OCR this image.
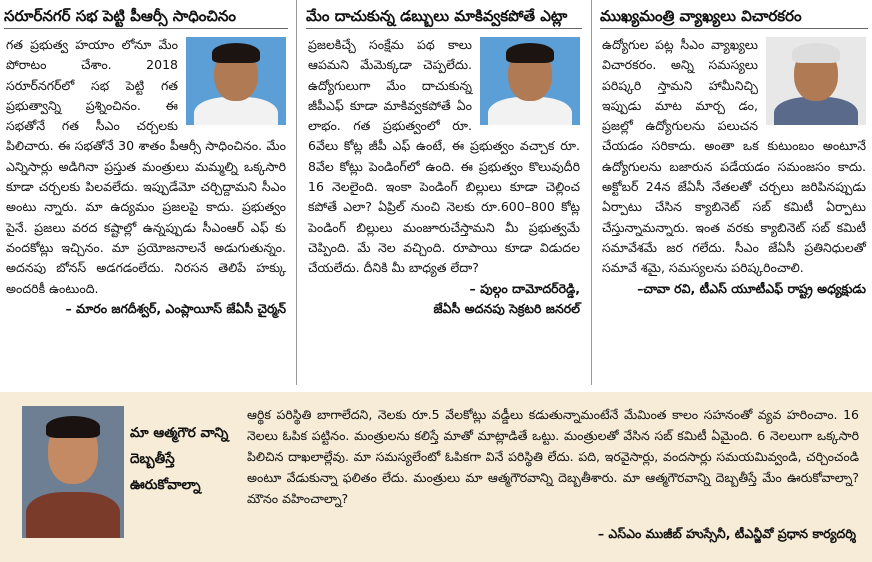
సరూర్‌నగర్ సభ పెట్టి పీఆర్సీ సాధించినం
గత ప్రభుత్వ హయాం లోనూ మేం పోరాటం చేశాం. 2018 సరూర్‌నగర్‌లో సభ పెట్టి గత ప్రభుత్వాన్ని ప్రశ్నించినం. ఈ సభతోనే గత సీఎం చర్చలకు పిలిచారు. ఈ సభతోనే 30 శాతం పీఆర్సీ సాధించినం. మేం ఎన్నిసార్లు అడిగినా ప్రస్తుత మంత్రులు మమ్మల్ని ఒక్కసారి కూడా చర్చలకు పిలవలేదు. ఇప్పుడేమో చర్చిద్దామని సీఎం అంటు న్నారు. మా ఉద్యమం ప్రజలపై కాదు. ప్రభుత్వం పైనే. ప్రజలు వరద కష్టాల్లో ఉన్నప్పుడు సీఎంఆర్ ఎఫ్ కు వందకోట్లు ఇచ్చినం. మా ప్రయోజనాలనే అడుగుతున్నం. అదనపు బోనస్ అడగడంలేదు. నిరసన తెలిపే హక్కు అందరికీ ఉంటుంది.
– మారం జగదీశ్వర్, ఎంప్లాయీస్ జేఏసీ చైర్మన్
మేం దాచుకున్న డబ్బులు మాకివ్వకపోతే ఎట్లా
ప్రజలకిచ్చే సంక్షేమ పథ కాలు ఆపమని మేమెక్కడా చెప్పలేదు. ఉద్యోగులుగా మేం దాచుకున్న జీపీఎఫ్ కూడా మాకివ్వకపోతే ఏం లాభం. గత ప్రభుత్వంలో రూ. 6వేలు కోట్ల జీపీ ఎఫ్ ఉంటే, ఈ ప్రభుత్వం వచ్చాక రూ. 8వేల కోట్లు పెండింగ్‌లో ఉంది. ఈ ప్రభుత్వం కొలువుదీరి 16 నెలలైంది. ఇంకా పెండింగ్ బిల్లులు కూడా చెల్లించ కపోతే ఎలా? ఏప్రిల్ నుంచి నెలకు రూ.600–800 కోట్ల పెండింగ్ బిల్లులు మంజూరుచేస్తామని మీ ప్రభుత్వమే చెప్పింది. మే నెల వచ్చింది. రూపాయి కూడా విడుదల చేయలేదు. దీనికి మీ బాధ్యత లేదా?
– పుల్గం దామోదర్‌రెడ్డి,
జేఏసీ అదనపు సెక్రటరి జనరల్
ముఖ్యమంత్రి వ్యాఖ్యలు విచారకరం
ఉద్యోగుల పట్ల సీఎం వ్యాఖ్యలు విచారకరం. అన్ని సమస్యలు పరిష్కరి స్తామని హామీనిచ్చి ఇప్పుడు మాట మార్చ డం, ప్రజల్లో ఉద్యోగులను పలుచన చేయడం సరికాదు. అంతా ఒక కుటుంబం అంటూనే ఉద్యోగులను బజారున పడేయడం సమంజసం కాదు. అక్టోబర్ 24న జేఏసీ నేతలతో చర్చలు జరిపినప్పుడు ఏర్పాటు చేసిన క్యాబినెట్ సబ్ కమిటీ ఏర్పాటు చేస్తున్నామన్నారు. ఇంత వరకు క్యాబినెట్ సబ్ కమిటీ సమావేశమే జర గలేదు. సీఎం జేఏసీ ప్రతినిధులతో సమావే శమై, సమస్యలను పరిష్కరించాలి.
–చావా రవి, టీఎస్ యూటీఎఫ్ రాష్ట్ర అధ్యక్షుడు
మా ఆత్మగౌర వాన్ని దెబ్బతీస్తే ఊరుకోవాల్నా
ఆర్థిక పరిస్థితి బాగాలేదని, నెలకు రూ.5 వేలకోట్లు వడ్డీలు కడుతున్నామంటేనే మేమింత కాలం సహనంతో వ్యవ హరించాం. 16 నెలలు ఓపిక పట్టినం. మంత్రులను కలిస్తే మాతో మాట్లాడితే ఒట్టు. మంత్రులతో వేసిన సబ్ కమిటీ ఏమైంది. 6 నెలలుగా ఒక్కసారి పిలిచిన దాఖలాల్లేవు. మా సమస్యలేంటో ఓపికగా వినే పరిస్థితి లేదు. పది, ఇరవైసార్లు, వందసార్లు సమయమివ్వండి, చర్చించండి అంటూ వేడుకున్నా ఫలితం లేదు. మంత్రులు మా ఆత్మగౌరవాన్ని దెబ్బతీశారు. మా ఆత్మగౌరవాన్ని దెబ్బతీస్తే మేం ఊరుకోవాల్నా? మౌనం వహించాల్నా?
– ఎస్‌ఎం ముజీబ్ హుస్సేనీ, టీఎన్జీవో ప్రధాన కార్యదర్శి
